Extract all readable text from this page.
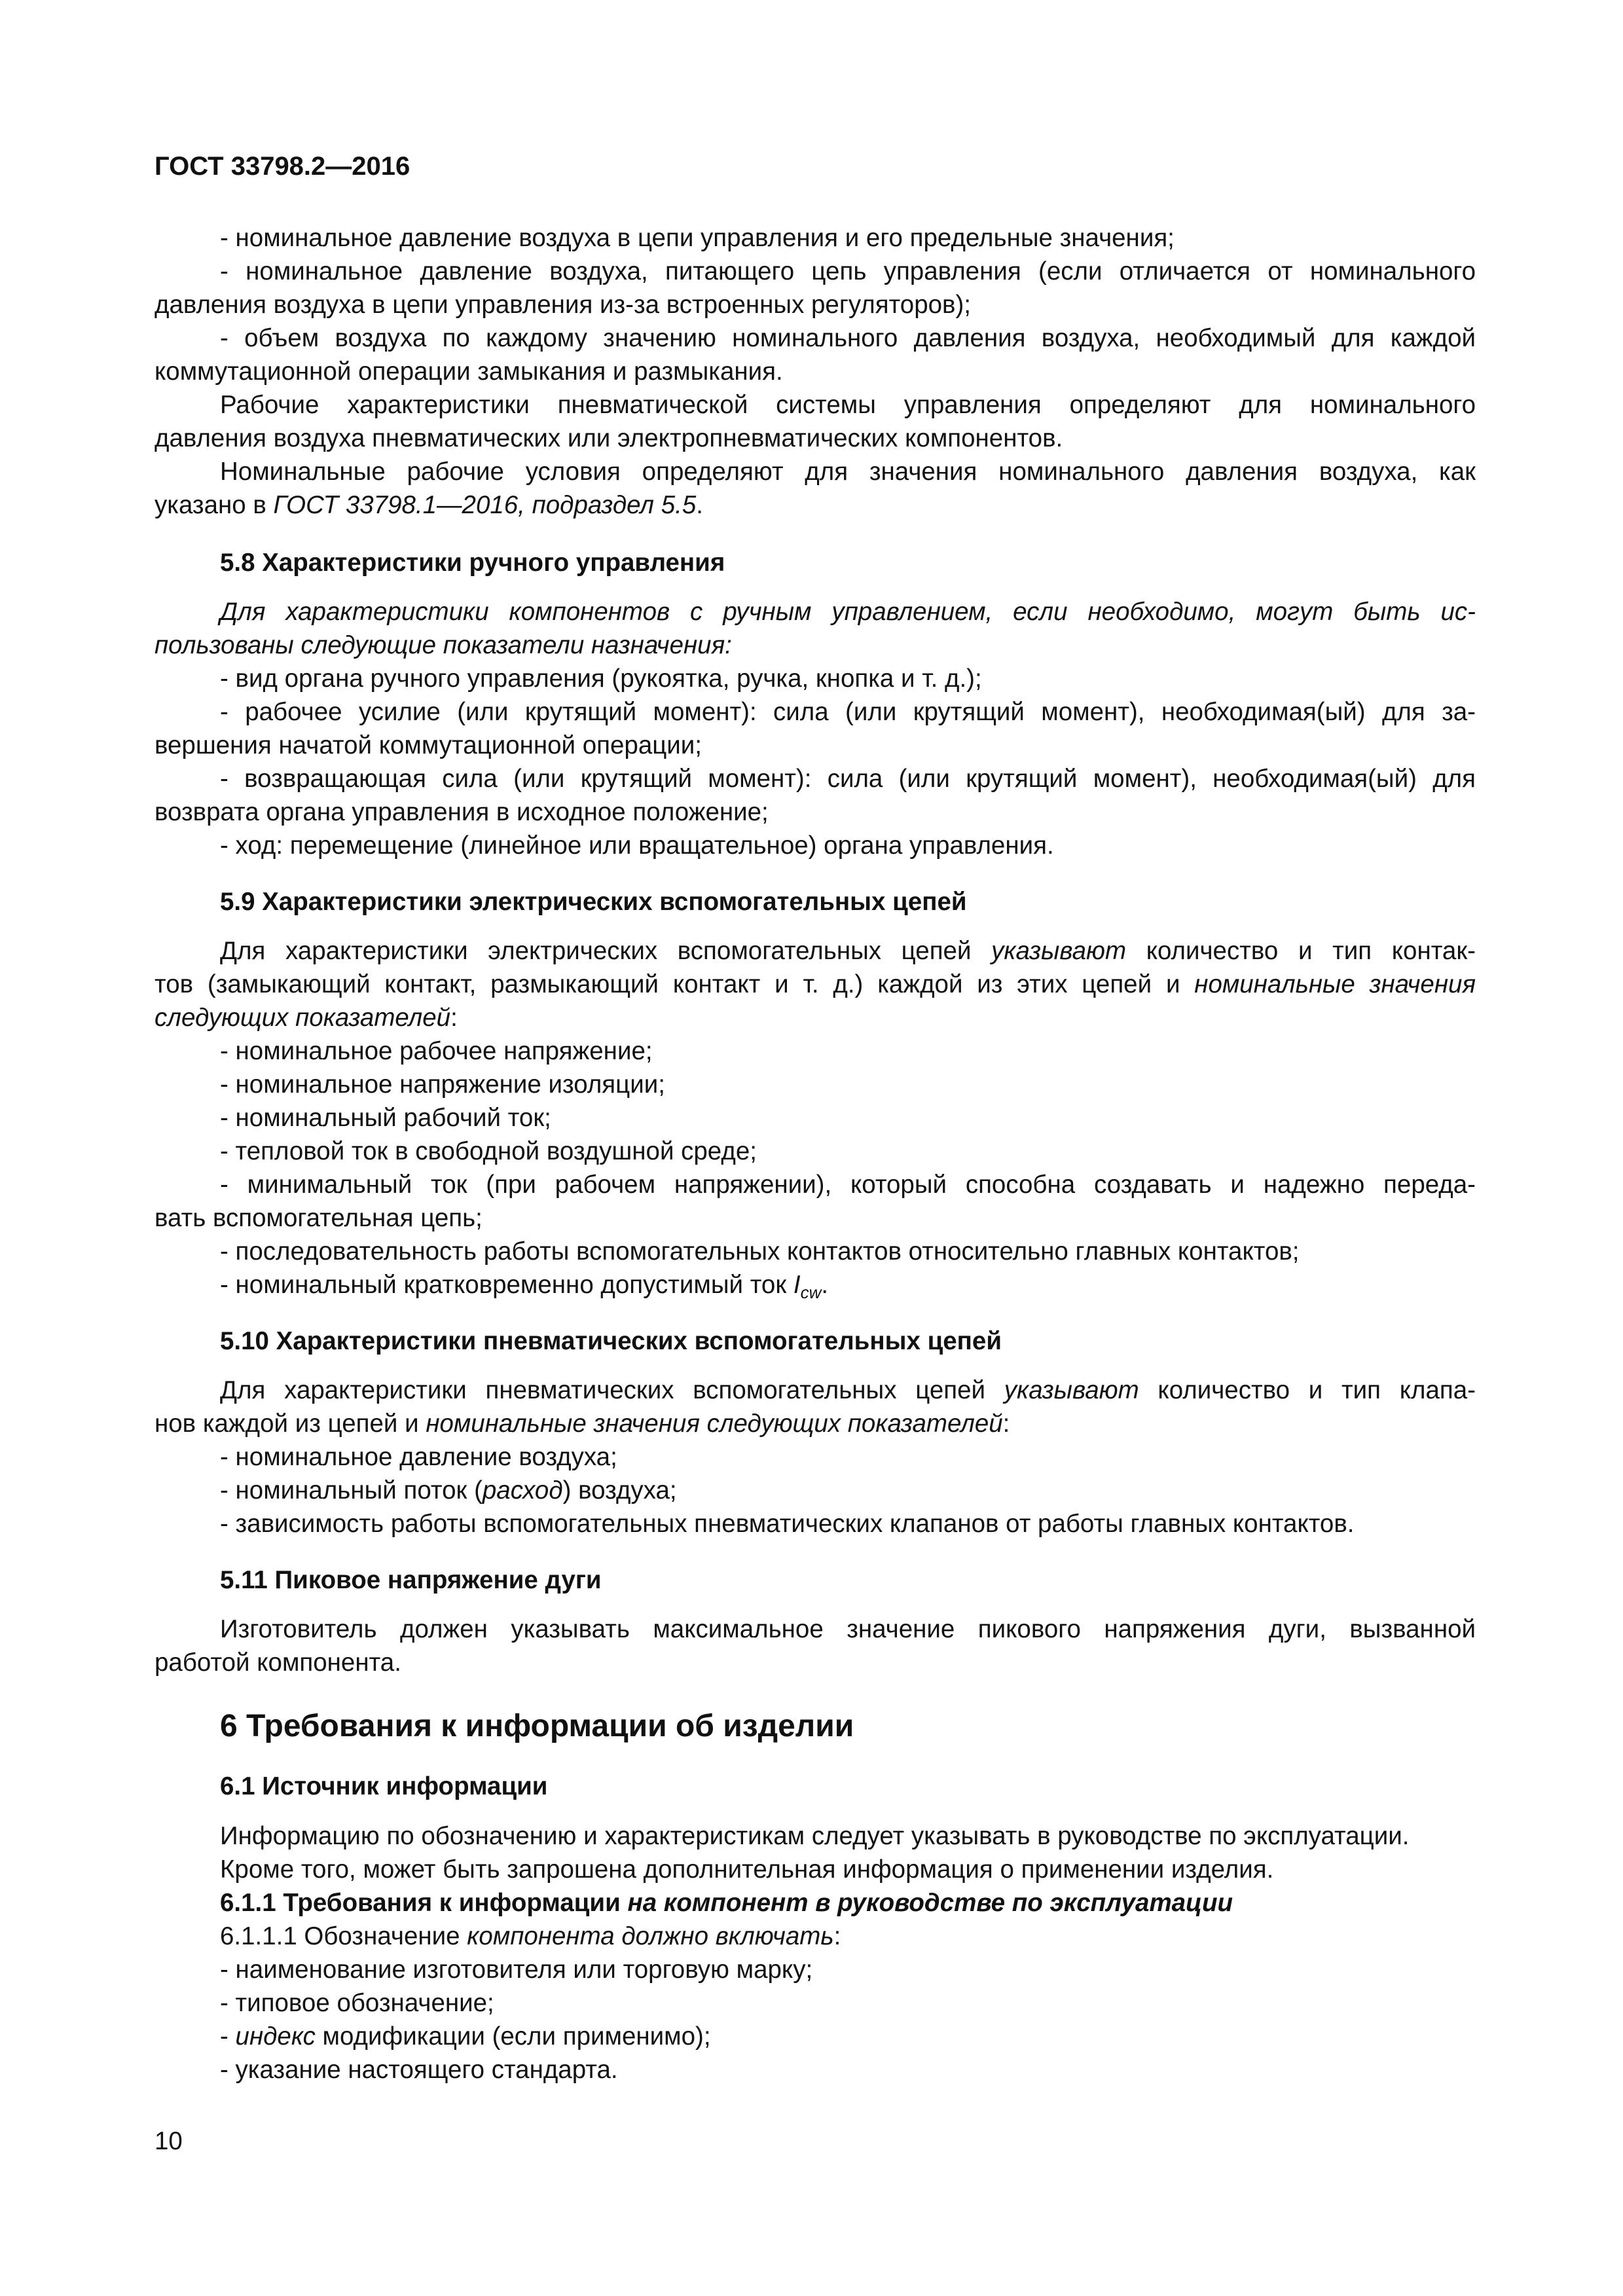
ГОСТ 33798.2—2016
- номинальное давление воздуха в цепи управления и его предельные значения;
- номинальное давление воздуха, питающего цепь управления (если отличается от номинального
давления воздуха в цепи управления из-за встроенных регуляторов);
- объем воздуха по каждому значению номинального давления воздуха, необходимый для каждой
коммутационной операции замыкания и размыкания.
Рабочие характеристики пневматической системы управления определяют для номинального
давления воздуха пневматических или электропневматических компонентов.
Номинальные рабочие условия определяют для значения номинального давления воздуха, как
указано в ГОСТ 33798.1—2016, подраздел 5.5.
5.8 Характеристики ручного управления
Для характеристики компонентов с ручным управлением, если необходимо, могут быть ис-
пользованы следующие показатели назначения:
- вид органа ручного управления (рукоятка, ручка, кнопка и т. д.);
- рабочее усилие (или крутящий момент): сила (или крутящий момент), необходимая(ый) для за-
вершения начатой коммутационной операции;
- возвращающая сила (или крутящий момент): сила (или крутящий момент), необходимая(ый) для
возврата органа управления в исходное положение;
- ход: перемещение (линейное или вращательное) органа управления.
5.9 Характеристики электрических вспомогательных цепей
Для характеристики электрических вспомогательных цепей указывают количество и тип контак-
тов (замыкающий контакт, размыкающий контакт и т. д.) каждой из этих цепей и номинальные значения
следующих показателей:
- номинальное рабочее напряжение;
- номинальное напряжение изоляции;
- номинальный рабочий ток;
- тепловой ток в свободной воздушной среде;
- минимальный ток (при рабочем напряжении), который способна создавать и надежно переда-
вать вспомогательная цепь;
- последовательность работы вспомогательных контактов относительно главных контактов;
- номинальный кратковременно допустимый ток $I_{cw}$.
5.10 Характеристики пневматических вспомогательных цепей
Для характеристики пневматических вспомогательных цепей указывают количество и тип клапа-
нов каждой из цепей и номинальные значения следующих показателей:
- номинальное давление воздуха;
- номинальный поток (расход) воздуха;
- зависимость работы вспомогательных пневматических клапанов от работы главных контактов.
5.11 Пиковое напряжение дуги
Изготовитель должен указывать максимальное значение пикового напряжения дуги, вызванной
работой компонента.
6 Требования к информации об изделии
6.1 Источник информации
Информацию по обозначению и характеристикам следует указывать в руководстве по эксплуатации.
Кроме того, может быть запрошена дополнительная информация о применении изделия.
6.1.1 Требования к информации на компонент в руководстве по эксплуатации
6.1.1.1 Обозначение компонента должно включать:
- наименование изготовителя или торговую марку;
- типовое обозначение;
- индекс модификации (если применимо);
- указание настоящего стандарта.
10
